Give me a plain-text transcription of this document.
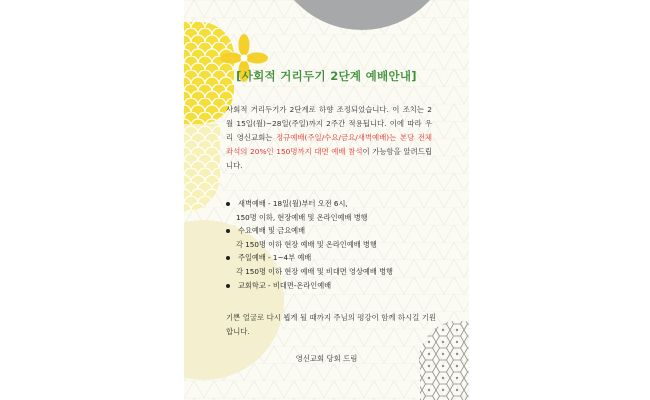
[사회적 거리두기 2단계 예배안내]
사회적 거리두기가 2단계로 하향 조정되었습니다. 이 조치는 2월 15일(월)~28일(주일)까지 2주간 적용됩니다. 이에 따라 우리 영신교회는 정규예배(주일/수요/금요/새벽예배)는 본당 전체 좌석의 20%인 150명까지 대면 예배 참석이 가능함을 알려드립니다.
새벽예배 - 18일(월)부터 오전 6시,
150명 이하, 현장예배 및 온라인예배 병행
수요예배 및 금요예배
각 150명 이하 현장 예배 및 온라인예배 병행
주일예배 - 1~4부 예배
각 150명 이하 현장 예배 및 비대면 영상예배 병행
교회학교 - 비대면-온라인예배
기쁜 얼굴로 다시 뵙게 될 때까지 주님의 평강이 함께 하시길 기원합니다.
영신교회 당회 드림
